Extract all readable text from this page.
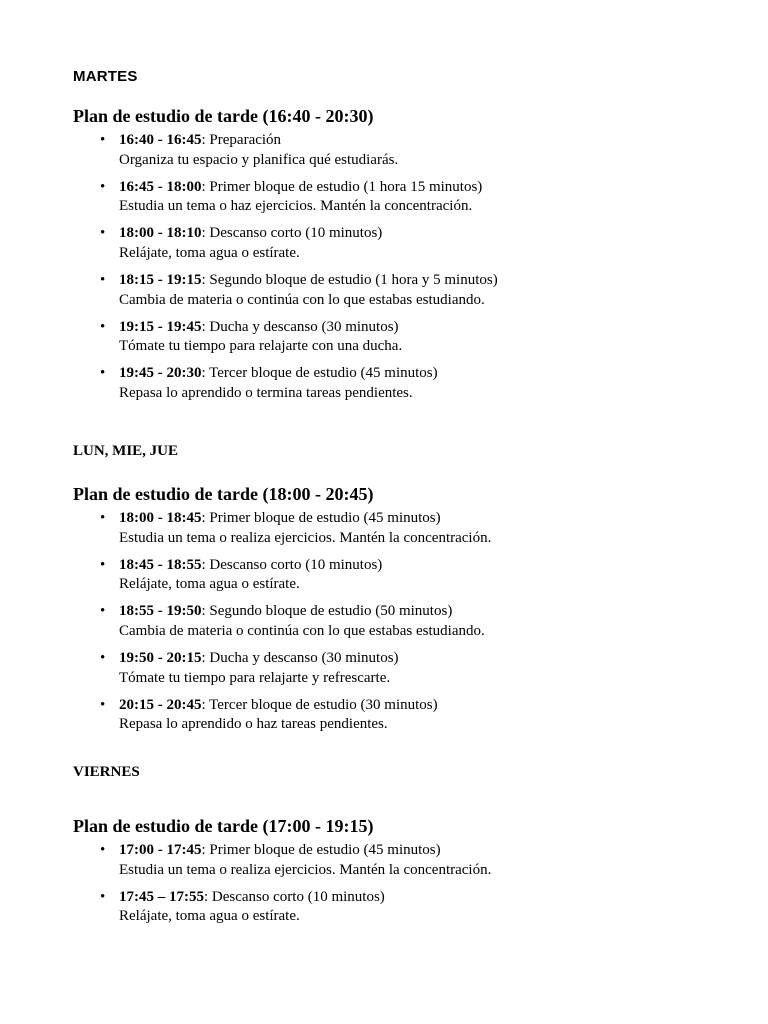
MARTES

Plan de estudio de tarde (16:40 - 20:30)

• 16:40 - 16:45: Preparación
Organiza tu espacio y planifica qué estudiarás.
• 16:45 - 18:00: Primer bloque de estudio (1 hora 15 minutos)
Estudia un tema o haz ejercicios. Mantén la concentración.
• 18:00 - 18:10: Descanso corto (10 minutos)
Relájate, toma agua o estírate.
• 18:15 - 19:15: Segundo bloque de estudio (1 hora y 5 minutos)
Cambia de materia o continúa con lo que estabas estudiando.
• 19:15 - 19:45: Ducha y descanso (30 minutos)
Tómate tu tiempo para relajarte con una ducha.
• 19:45 - 20:30: Tercer bloque de estudio (45 minutos)
Repasa lo aprendido o termina tareas pendientes.

LUN, MIE, JUE

Plan de estudio de tarde (18:00 - 20:45)

• 18:00 - 18:45: Primer bloque de estudio (45 minutos)
Estudia un tema o realiza ejercicios. Mantén la concentración.
• 18:45 - 18:55: Descanso corto (10 minutos)
Relájate, toma agua o estírate.
• 18:55 - 19:50: Segundo bloque de estudio (50 minutos)
Cambia de materia o continúa con lo que estabas estudiando.
• 19:50 - 20:15: Ducha y descanso (30 minutos)
Tómate tu tiempo para relajarte y refrescarte.
• 20:15 - 20:45: Tercer bloque de estudio (30 minutos)
Repasa lo aprendido o haz tareas pendientes.

VIERNES

Plan de estudio de tarde (17:00 - 19:15)

• 17:00 - 17:45: Primer bloque de estudio (45 minutos)
Estudia un tema o realiza ejercicios. Mantén la concentración.
• 17:45 – 17:55: Descanso corto (10 minutos)
Relájate, toma agua o estírate.
